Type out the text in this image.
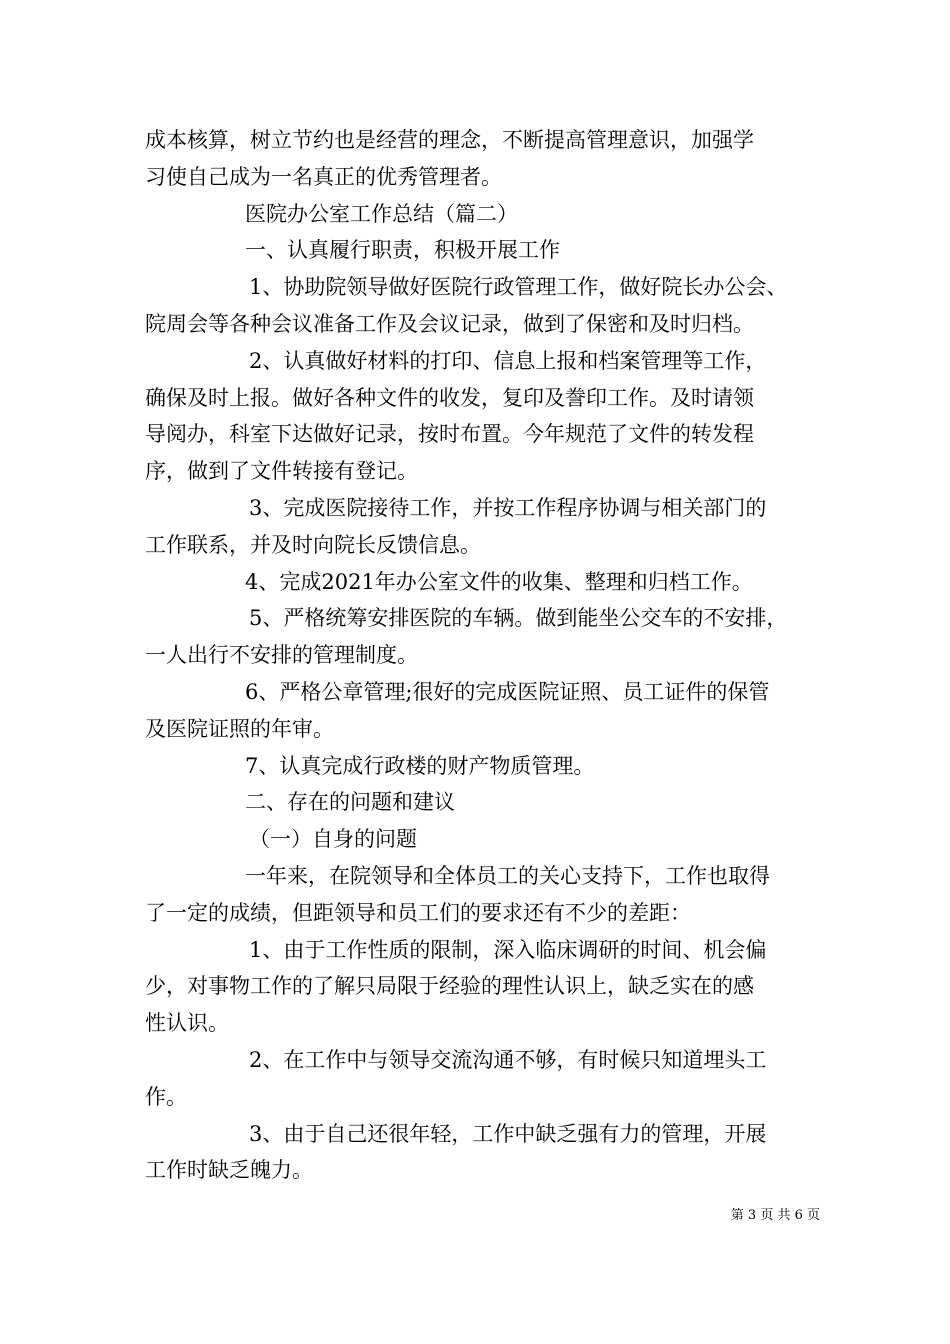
成本核算，树立节约也是经营的理念，不断提高管理意识，加强学
习使自己成为一名真正的优秀管理者。
医院办公室工作总结（篇二）
一、认真履行职责，积极开展工作
1、协助院领导做好医院行政管理工作，做好院长办公会、
院周会等各种会议准备工作及会议记录，做到了保密和及时归档。
2、认真做好材料的打印、信息上报和档案管理等工作，
确保及时上报。做好各种文件的收发，复印及誊印工作。及时请领
导阅办，科室下达做好记录，按时布置。今年规范了文件的转发程
序，做到了文件转接有登记。
3、完成医院接待工作，并按工作程序协调与相关部门的
工作联系，并及时向院长反馈信息。
4、完成2021年办公室文件的收集、整理和归档工作。
5、严格统筹安排医院的车辆。做到能坐公交车的不安排，
一人出行不安排的管理制度。
6、严格公章管理;很好的完成医院证照、员工证件的保管
及医院证照的年审。
7、认真完成行政楼的财产物质管理。
二、存在的问题和建议
（一）自身的问题
一年来，在院领导和全体员工的关心支持下，工作也取得
了一定的成绩，但距领导和员工们的要求还有不少的差距：
1、由于工作性质的限制，深入临床调研的时间、机会偏
少，对事物工作的了解只局限于经验的理性认识上，缺乏实在的感
性认识。
2、在工作中与领导交流沟通不够，有时候只知道埋头工
作。
3、由于自己还很年轻，工作中缺乏强有力的管理，开展
工作时缺乏魄力。
第 3 页 共 6 页
